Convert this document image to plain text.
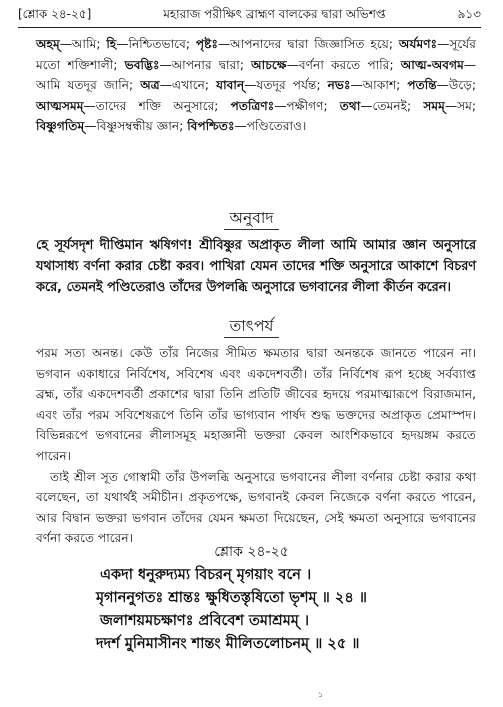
[শ্লোক ২৪-২৫]	মহারাজ পরীক্ষিৎ ব্রাহ্মণ বালকের দ্বারা অভিশপ্ত	৯১৩
অহম্—আমি; হি—নিশ্চিতভাবে; পৃষ্টঃ—আপনাদের দ্বারা জিজ্ঞাসিত হয়ে; অর্যমণঃ—সূর্যের মতো শক্তিশালী; ভবদ্ভিঃ—আপনার দ্বারা; আচক্ষে—বর্ণনা করতে পারি; আত্ম-অবগম—আমি যতদূর জানি; অত্র—এখানে; যাবান্—যতদূর পর্যন্ত; নভঃ—আকাশ; পতন্তি—উড়ে; আত্মসমম্—তাদের শক্তি অনুসারে; পতত্রিণঃ—পক্ষীগণ; তথা—তেমনই; সমম্—সম; বিষ্ণুগতিম্—বিষ্ণুসম্বন্ধীয় জ্ঞান; বিপশ্চিতঃ—পণ্ডিতেরাও।
অনুবাদ
হে সূর্যসদৃশ দীপ্তিমান ঋষিগণ! শ্রীবিষ্ণুর অপ্রাকৃত লীলা আমি আমার জ্ঞান অনুসারে যথাসাধ্য বর্ণনা করার চেষ্টা করব। পাখিরা যেমন তাদের শক্তি অনুসারে আকাশে বিচরণ করে, তেমনই পণ্ডিতেরাও তাঁদের উপলব্ধি অনুসারে ভগবানের লীলা কীর্তন করেন।
তাৎপর্য

পরম সত্য অনন্ত। কেউ তাঁর নিজের সীমিত ক্ষমতার দ্বারা অনন্তকে জানতে পারেন না। ভগবান একাধারে নির্বিশেষ, সবিশেষ এবং একদেশবর্তী। তাঁর নির্বিশেষ রূপ হচ্ছে সর্বব্যাপ্ত ব্রহ্ম, তাঁর একদেশবর্তী প্রকাশের দ্বারা তিনি প্রতিটি জীবের হৃদয়ে পরমাত্মারূপে বিরাজমান, এবং তাঁর পরম সবিশেষরূপে তিনি তাঁর ভাগ্যবান পার্ষদ শুদ্ধ ভক্তদের অপ্রাকৃত প্রেমাস্পদ। বিভিন্নরূপে ভগবানের লীলাসমূহ মহাজ্ঞানী ভক্তরা কেবল আংশিকভাবে হৃদয়ঙ্গম করতে পারেন।

তাই শ্রীল সূত গোস্বামী তাঁর উপলব্ধি অনুসারে ভগবানের লীলা বর্ণনার চেষ্টা করার কথা বলেছেন, তা যথার্থই সমীচীন। প্রকৃতপক্ষে, ভগবানই কেবল নিজেকে বর্ণনা করতে পারেন, আর বিদ্বান ভক্তরা ভগবান তাঁদের যেমন ক্ষমতা দিয়েছেন, সেই ক্ষমতা অনুসারে ভগবানের বর্ণনা করতে পারেন।

শ্লোক ২৪-২৫
একদা ধনুরুদ্যম্য বিচরন্ মৃগয়াং বনে ।
মৃগাননুগতঃ শ্রান্তঃ ক্ষুধিতস্তৃষিতো ভৃশম্ ॥ ২৪ ॥
জলাশয়মচক্ষাণঃ প্রবিবেশ তমাশ্রমম্ ।
দদর্শ মুনিমাসীনং শান্তং মীলিতলোচনম্ ॥ ২৫ ॥
১
